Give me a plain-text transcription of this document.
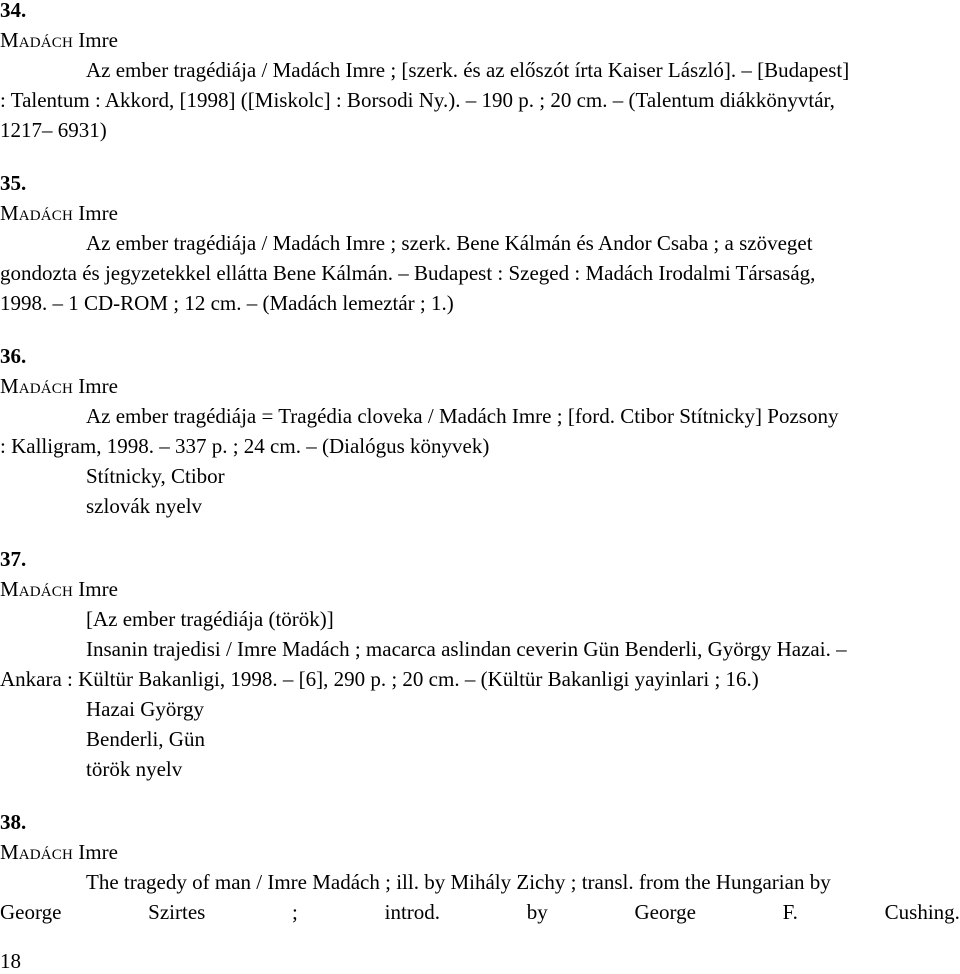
34.
MADÁCH Imre
Az ember tragédiája / Madách Imre ; [szerk. és az előszót írta Kaiser László]. – [Budapest]
: Talentum : Akkord, [1998] ([Miskolc] : Borsodi Ny.). – 190 p. ; 20 cm. – (Talentum diákkönyvtár,
1217– 6931)
35.
MADÁCH Imre
Az ember tragédiája / Madách Imre ; szerk. Bene Kálmán és Andor Csaba ; a szöveget
gondozta és jegyzetekkel ellátta Bene Kálmán. – Budapest : Szeged : Madách Irodalmi Társaság,
1998. – 1 CD-ROM ; 12 cm. – (Madách lemeztár ; 1.)
36.
MADÁCH Imre
Az ember tragédiája = Tragédia cloveka / Madách Imre ; [ford. Ctibor Stítnicky] Pozsony
: Kalligram, 1998. – 337 p. ; 24 cm. – (Dialógus könyvek)
Stítnicky, Ctibor
szlovák nyelv
37.
MADÁCH Imre
[Az ember tragédiája (török)]
Insanin trajedisi / Imre Madách ; macarca aslindan ceverin Gün Benderli, György Hazai. –
Ankara : Kültür Bakanligi, 1998. – [6], 290 p. ; 20 cm. – (Kültür Bakanligi yayinlari ; 16.)
Hazai György
Benderli, Gün
török nyelv
38.
MADÁCH Imre
The tragedy of man / Imre Madách ; ill. by Mihály Zichy ; transl. from the Hungarian by
George	Szirtes	;	introd.	by	George	F.	Cushing.
18
